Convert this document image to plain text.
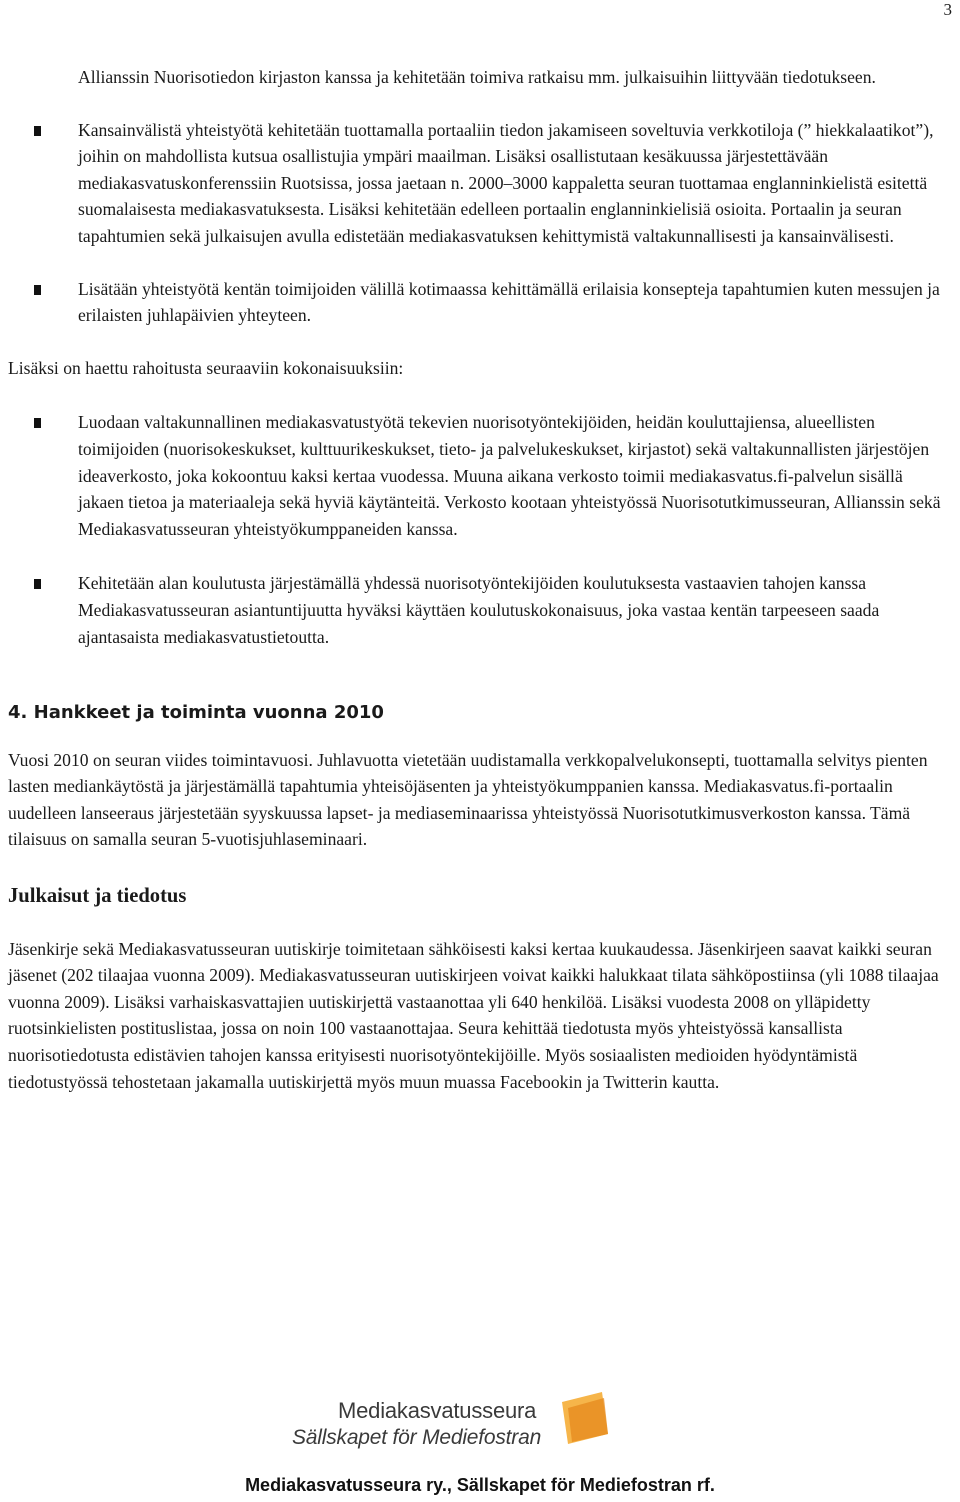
3

Allianssin Nuorisotiedon kirjaston kanssa ja kehitetään toimiva ratkaisu mm. julkaisuihin liittyvään tiedotukseen.

Kansainvälistä yhteistyötä kehitetään tuottamalla portaaliin tiedon jakamiseen soveltuvia verkkotiloja (” hiekkalaatikot”), joihin on mahdollista kutsua osallistujia ympäri maailman. Lisäksi osallistutaan kesäkuussa järjestettävään mediakasvatuskonferenssiin Ruotsissa, jossa jaetaan n. 2000–3000 kappaletta seuran tuottamaa englanninkielistä esitettä suomalaisesta mediakasvatuksesta. Lisäksi kehitetään edelleen portaalin englanninkielisiä osioita. Portaalin ja seuran tapahtumien sekä julkaisujen avulla edistetään mediakasvatuksen kehittymistä valtakunnallisesti ja kansainvälisesti.

Lisätään yhteistyötä kentän toimijoiden välillä kotimaassa kehittämällä erilaisia konsepteja tapahtumien kuten messujen ja erilaisten juhlapäivien yhteyteen.

Lisäksi on haettu rahoitusta seuraaviin kokonaisuuksiin:

Luodaan valtakunnallinen mediakasvatustyötä tekevien nuorisotyöntekijöiden, heidän kouluttajiensa, alueellisten toimijoiden (nuorisokeskukset, kulttuurikeskukset, tieto- ja palvelukeskukset, kirjastot) sekä valtakunnallisten järjestöjen ideaverkosto, joka kokoontuu kaksi kertaa vuodessa. Muuna aikana verkosto toimii mediakasvatus.fi-palvelun sisällä jakaen tietoa ja materiaaleja sekä hyviä käytänteitä. Verkosto kootaan yhteistyössä Nuorisotutkimusseuran, Allianssin sekä Mediakasvatusseuran yhteistyökumppaneiden kanssa.

Kehitetään alan koulutusta järjestämällä yhdessä nuorisotyöntekijöiden koulutuksesta vastaavien tahojen kanssa Mediakasvatusseuran asiantuntijuutta hyväksi käyttäen koulutuskokonaisuus, joka vastaa kentän tarpeeseen saada ajantasaista mediakasvatustietoutta.

4. Hankkeet ja toiminta vuonna 2010

Vuosi 2010 on seuran viides toimintavuosi. Juhlavuotta vietetään uudistamalla verkkopalvelukonsepti, tuottamalla selvitys pienten lasten mediankäytöstä ja järjestämällä tapahtumia yhteisöjäsenten ja yhteistyökumppanien kanssa. Mediakasvatus.fi-portaalin uudelleen lanseeraus järjestetään syyskuussa lapset- ja mediaseminaarissa yhteistyössä Nuorisotutkimusverkoston kanssa. Tämä tilaisuus on samalla seuran 5-vuotisjuhlaseminaari.

Julkaisut ja tiedotus

Jäsenkirje sekä Mediakasvatusseuran uutiskirje toimitetaan sähköisesti kaksi kertaa kuukaudessa. Jäsenkirjeen saavat kaikki seuran jäsenet (202 tilaajaa vuonna 2009). Mediakasvatusseuran uutiskirjeen voivat kaikki halukkaat tilata sähköpostiinsa (yli 1088 tilaajaa vuonna 2009). Lisäksi varhaiskasvattajien uutiskirjettä vastaanottaa yli 640 henkilöä. Lisäksi vuodesta 2008 on ylläpidetty ruotsinkielisten postituslistaa, jossa on noin 100 vastaanottajaa. Seura kehittää tiedotusta myös yhteistyössä kansallista nuorisotiedotusta edistävien tahojen kanssa erityisesti nuorisotyöntekijöille. Myös sosiaalisten medioiden hyödyntämistä tiedotustyössä tehostetaan jakamalla uutiskirjettä myös muun muassa Facebookin ja Twitterin kautta.

Mediakasvatusseura
Sällskapet för Mediefostran
Mediakasvatusseura ry., Sällskapet för Mediefostran rf.
